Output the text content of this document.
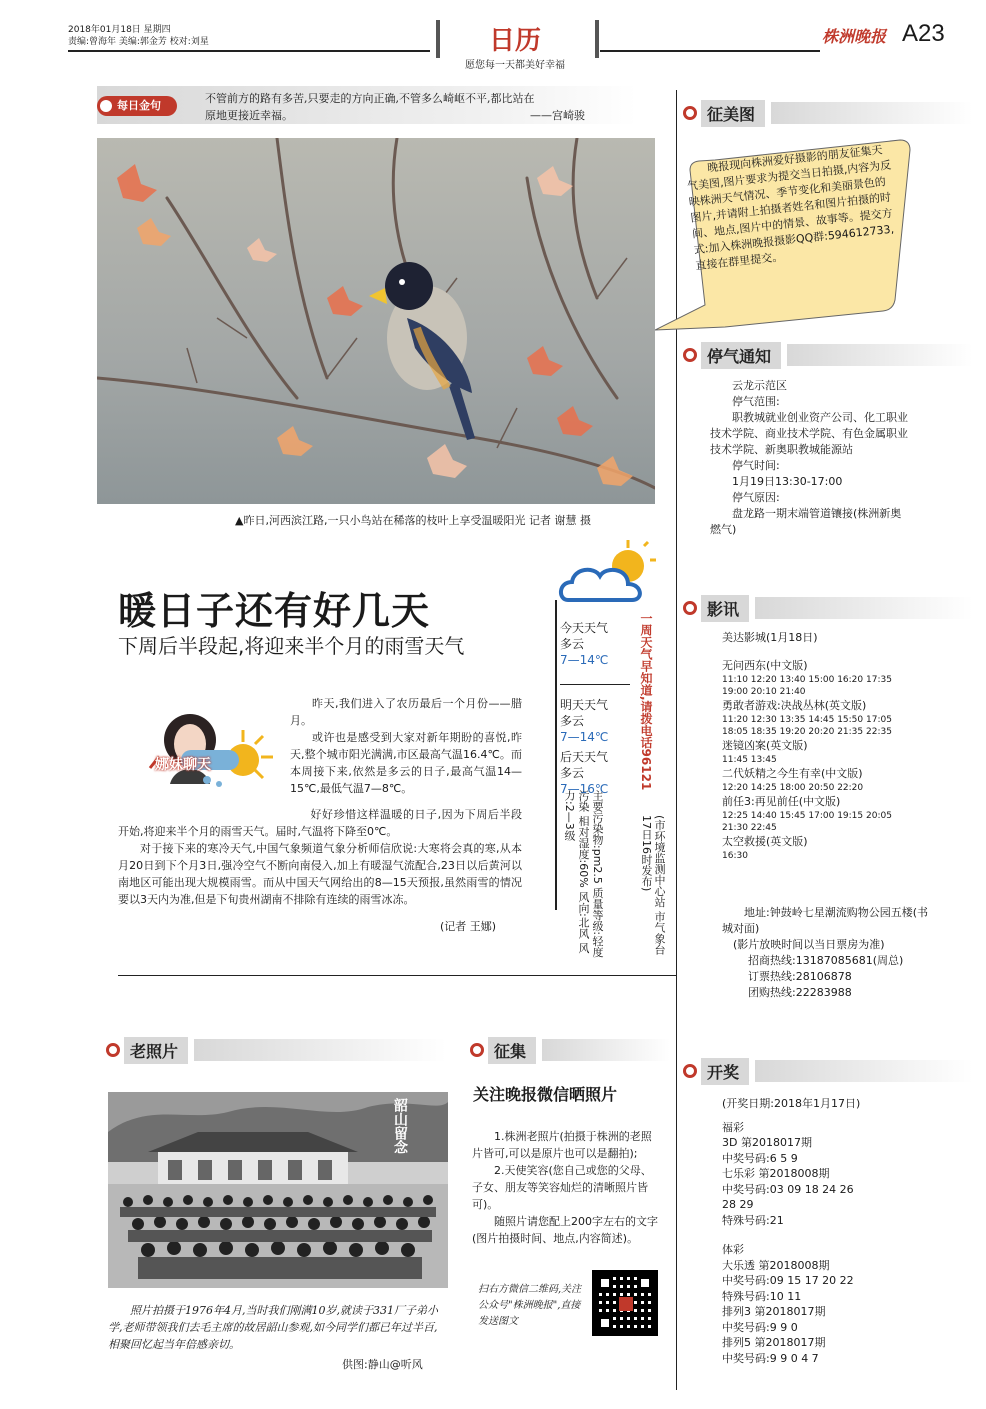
2018年01月18日 星期四
责编:曾海年 美编:郭金芳 校对:刘星	日历
愿您每一天都美好幸福
株洲晚报 A23
每日金句
不管前方的路有多苦,只要走的方向正确,不管多么崎岖不平,都比站在
原地更接近幸福。	——宫崎骏
▲昨日,河西滨江路,一只小鸟站在稀落的枝叶上享受温暖阳光 记者 谢慧 摄
暖日子还有好几天
下周后半段起,将迎来半个月的雨雪天气
娜妹聊天

昨天,我们进入了农历最后一个月份——腊月。

或许也是感受到大家对新年期盼的喜悦,昨天,整个城市阳光满满,市区最高气温16.4℃。而本周接下来,依然是多云的日子,最高气温14—15℃,最低气温7—8℃。

好好珍惜这样温暖的日子,因为下周后半段开始,将迎来半个月的雨雪天气。届时,气温将下降至0℃。

对于接下来的寒冷天气,中国气象频道气象分析师信欣说:大寒将会真的寒,从本月20日到下个月3日,强冷空气不断向南侵入,加上有暖湿气流配合,23日以后黄河以南地区可能出现大规模雨雪。而从中国天气网给出的8—15天预报,虽然雨雪的情况要以3天内为准,但是下旬贵州湖南不排除有连续的雨雪冰冻。

(记者 王娜)
今天天气
多云
7—14℃
明天天气
多云
7—14℃
后天天气
多云
7—16℃
主要污染物:pm2.5 质量等级:轻度污染 相对湿度:60% 风向:北风 风力:2—3级
一周天气早知道,请拨电话96121
(市环境监测中心站 市气象台17日16时发布)
征美图
晚报现向株洲爱好摄影的朋友征集天气美图,图片要求为提交当日拍摄,内容为反映株洲天气情况、季节变化和美丽景色的图片,并请附上拍摄者姓名和图片拍摄的时间、地点,图片中的情景、故事等。提交方式:加入株洲晚报摄影QQ群:594612733,直接在群里提交。
停气通知
云龙示范区
停气范围:
职教城就业创业资产公司、化工职业技术学院、商业技术学院、有色金属职业技术学院、新奥职教城能源站
停气时间:
1月19日13:30-17:00
停气原因:
盘龙路一期末端管道镶接(株洲新奥燃气)
影讯
美达影城(1月18日)
无问西东(中文版)
11:10 12:20 13:40 15:00 16:20 17:35
19:00 20:10 21:40
勇敢者游戏:决战丛林(英文版)
11:20 12:30 13:35 14:45 15:50 17:05
18:05 18:35 19:20 20:20 21:35 22:35
迷镜凶案(英文版)
11:45 13:45
二代妖精之今生有幸(中文版)
12:20 14:25 18:00 20:50 22:20
前任3:再见前任(中文版)
12:25 14:40 15:45 17:00 19:15 20:05
21:30 22:45
太空救援(英文版)
16:30
地址:钟鼓岭七星潮流购物公园五楼(书城对面)
(影片放映时间以当日票房为准)
招商热线:13187085681(周总)
订票热线:28106878
团购热线:22283988
开奖
(开奖日期:2018年1月17日)
福彩
3D 第2018017期
中奖号码:6 5 9
七乐彩 第2018008期
中奖号码:03 09 18 24 26
28 29
特殊号码:21
体彩
大乐透 第2018008期
中奖号码:09 15 17 20 22
特殊号码:10 11
排列3 第2018017期
中奖号码:9 9 0
排列5 第2018017期
中奖号码:9 9 0 4 7
老照片
韶山留念
照片拍摄于1976年4月,当时我们刚满10岁,就读于331厂子弟小学,老师带领我们去毛主席的故居韶山参观,如今同学们都已年过半百,相聚回忆起当年倍感亲切。
供图:静山@听风
征集
关注晚报微信晒照片

1.株洲老照片(拍摄于株洲的老照片皆可,可以是原片也可以是翻拍);

2.天使笑容(您自己或您的父母、子女、朋友等笑容灿烂的清晰照片皆可)。

随照片请您配上200字左右的文字(图片拍摄时间、地点,内容简述)。

扫右方微信二维码,关注公众号"株洲晚报",直接发送图文
